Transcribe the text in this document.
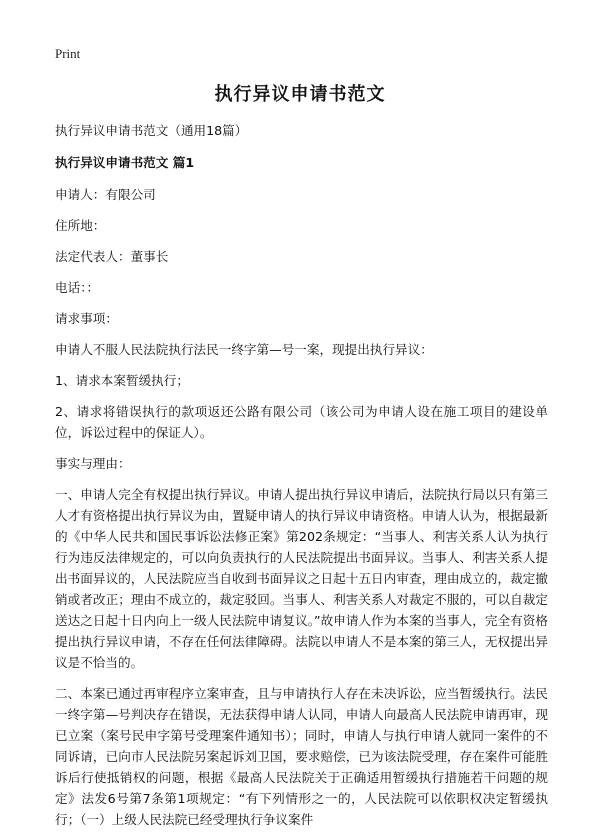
Print
执行异议申请书范文

执行异议申请书范文（通用18篇）

执行异议申请书范文 篇1

申请人：有限公司

住所地：

法定代表人：董事长

电话：：

请求事项：

申请人不服人民法院执行法民一终字第—号一案，现提出执行异议：

1、请求本案暂缓执行；

2、请求将错误执行的款项返还公路有限公司（该公司为申请人设在施工项目的建设单位，诉讼过程中的保证人）。

事实与理由：

一、申请人完全有权提出执行异议。申请人提出执行异议申请后，法院执行局以只有第三人才有资格提出执行异议为由，置疑申请人的执行异议申请资格。申请人认为，根据最新的《中华人民共和国民事诉讼法修正案》第202条规定：“当事人、利害关系人认为执行行为违反法律规定的，可以向负责执行的人民法院提出书面异议。当事人、利害关系人提出书面异议的，人民法院应当自收到书面异议之日起十五日内审查，理由成立的，裁定撤销或者改正；理由不成立的，裁定驳回。当事人、利害关系人对裁定不服的，可以自裁定送达之日起十日内向上一级人民法院申请复议。”故申请人作为本案的当事人，完全有资格提出执行异议申请，不存在任何法律障碍。法院以申请人不是本案的第三人，无权提出异议是不恰当的。

二、本案已通过再审程序立案审查，且与申请执行人存在未决诉讼，应当暂缓执行。法民一终字第—号判决存在错误，无法获得申请人认同，申请人向最高人民法院申请再审，现已立案（案号民申字第号受理案件通知书）；同时，申请人与执行申请人就同一案件的不同诉请，已向市人民法院另案起诉刘卫国，要求赔偿，已为该法院受理，存在案件可能胜诉后行使抵销权的问题，根据《最高人民法院关于正确适用暂缓执行措施若干问题的规定》法发6号第7条第1项规定：“有下列情形之一的，人民法院可以依职权决定暂缓执行；（一）上级人民法院已经受理执行争议案件
